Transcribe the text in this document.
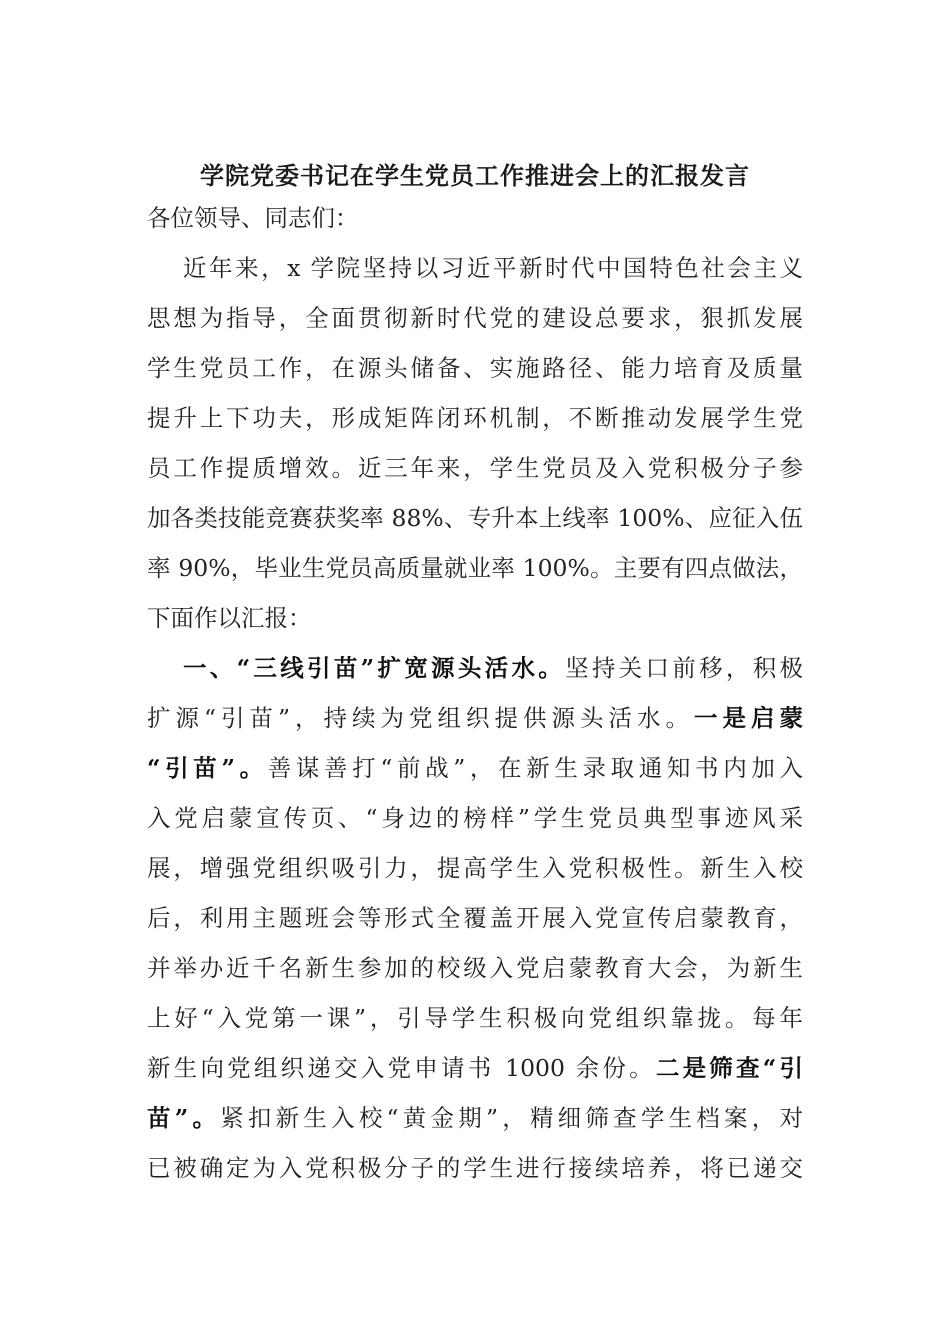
学院党委书记在学生党员工作推进会上的汇报发言
各位领导、同志们：
近年来，x 学院坚持以习近平新时代中国特色社会主义
思想为指导，全面贯彻新时代党的建设总要求，狠抓发展
学生党员工作，在源头储备、实施路径、能力培育及质量
提升上下功夫，形成矩阵闭环机制，不断推动发展学生党
员工作提质增效。近三年来，学生党员及入党积极分子参
加各类技能竞赛获奖率 88%、专升本上线率 100%、应征入伍
率 90%，毕业生党员高质量就业率 100%。主要有四点做法，
下面作以汇报：
一、“三线引苗”扩宽源头活水。坚持关口前移，积极
扩源“引苗”，持续为党组织提供源头活水。一是启蒙
“引苗”。善谋善打“前战”，在新生录取通知书内加入
入党启蒙宣传页、“身边的榜样”学生党员典型事迹风采
展，增强党组织吸引力，提高学生入党积极性。新生入校
后，利用主题班会等形式全覆盖开展入党宣传启蒙教育，
并举办近千名新生参加的校级入党启蒙教育大会，为新生
上好“入党第一课”，引导学生积极向党组织靠拢。每年
新生向党组织递交入党申请书 1000 余份。二是筛查“引
苗”。紧扣新生入校“黄金期”，精细筛查学生档案，对
已被确定为入党积极分子的学生进行接续培养，将已递交
